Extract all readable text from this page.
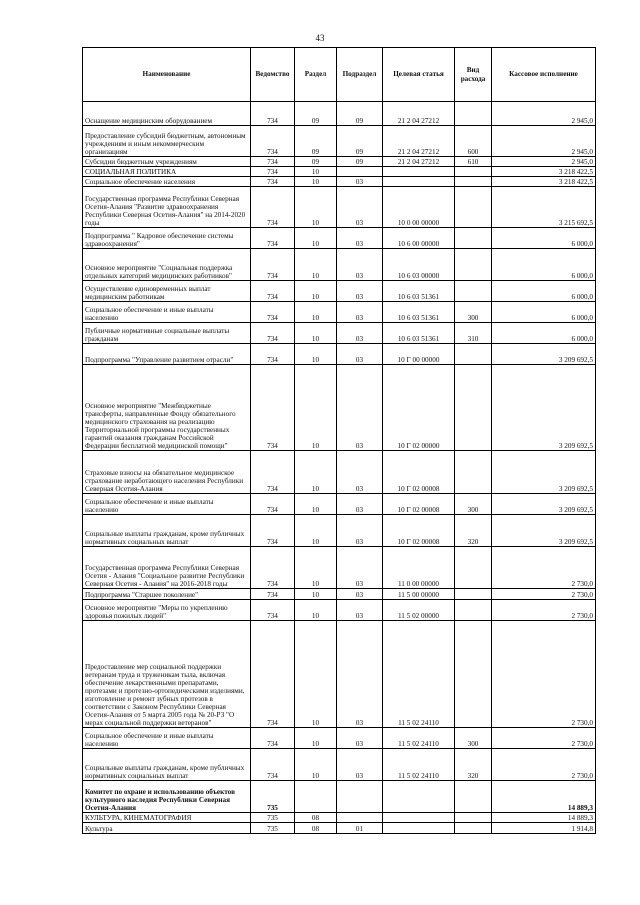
43
Наименование	Ведомство	Раздел	Подраздел	Целевая статья	Вид расхода	Кассовое исполнение
Оснащение медицинским оборудованием	734	09	09	21 2 04 27212		2 945,0
Предоставление субсидий бюджетным, автономным учреждениям и иным некоммерческим организациям	734	09	09	21 2 04 27212	600	2 945,0
Субсидии бюджетным учреждениям	734	09	09	21 2 04 27212	610	2 945,0
СОЦИАЛЬНАЯ ПОЛИТИКА	734	10				3 218 422,5
Социальное обеспечение населения	734	10	03			3 218 422,5
Государственная программа Республики Северная Осетия-Алания "Развитие здравоохранения Республики Северная Осетия-Алания" на 2014-2020 годы	734	10	03	10 0 00 00000		3 215 692,5
Подпрограмма " Кадровое обеспечение системы здравоохранения"	734	10	03	10 6 00 00000		6 000,0
Основное мероприятие "Социальная поддержка отдельных категорий медицинских работников"	734	10	03	10 6 03 00000		6 000,0
Осуществление единовременных выплат медицинским работникам	734	10	03	10 6 03 51361		6 000,0
Социальное обеспечение и иные выплаты населению	734	10	03	10 6 03 51361	300	6 000,0
Публичные нормативные социальные выплаты гражданам	734	10	03	10 6 03 51361	310	6 000,0
Подпрограмма "Управление развитием отрасли"	734	10	03	10 Г 00 00000		3 209 692,5
Основное мероприятие "Межбюджетные трансферты, направленные Фонду обязательного медицинского страхования на реализацию Территориальной программы государственных гарантий оказания гражданам Российской Федерации бесплатной медицинской помощи"	734	10	03	10 Г 02 00000		3 209 692,5
Страховые взносы на обязательное медицинское страхование неработающего населения Республики Северная Осетия-Алания	734	10	03	10 Г 02 00008		3 209 692,5
Социальное обеспечение и иные выплаты населению	734	10	03	10 Г 02 00008	300	3 209 692,5
Социальные выплаты гражданам, кроме публичных нормативных социальных выплат	734	10	03	10 Г 02 00008	320	3 209 692,5
Государственная программа Республики Северная Осетия - Алания "Социальное развитие Республики Северная Осетия - Алания" на 2016-2018 годы	734	10	03	11 0 00 00000		2 730,0
Подпрограмма "Старшее поколение"	734	10	03	11 5 00 00000		2 730,0
Основное мероприятие "Меры по укреплению здоровья пожилых людей"	734	10	03	11 5 02 00000		2 730,0
Предоставление мер социальной поддержки ветеранам труда и труженикам тыла, включая обеспечение лекарственными препаратами, протезами и протезно-ортопедическими изделиями, изготовление и ремонт зубных протезов в соответствии с Законом Республики Северная Осетия-Алания от 5 марта 2005 года № 20-РЗ "О мерах социальной поддержки ветеранов"	734	10	03	11 5 02 24110		2 730,0
Социальное обеспечение и иные выплаты населению	734	10	03	11 5 02 24110	300	2 730,0
Социальные выплаты гражданам, кроме публичных нормативных социальных выплат	734	10	03	11 5 02 24110	320	2 730,0
Комитет по охране и использованию объектов культурного наследия Республики Северная Осетия-Алания	735					14 889,3
КУЛЬТУРА, КИНЕМАТОГРАФИЯ	735	08				14 889,3
Культура	735	08	01			1 914,8
